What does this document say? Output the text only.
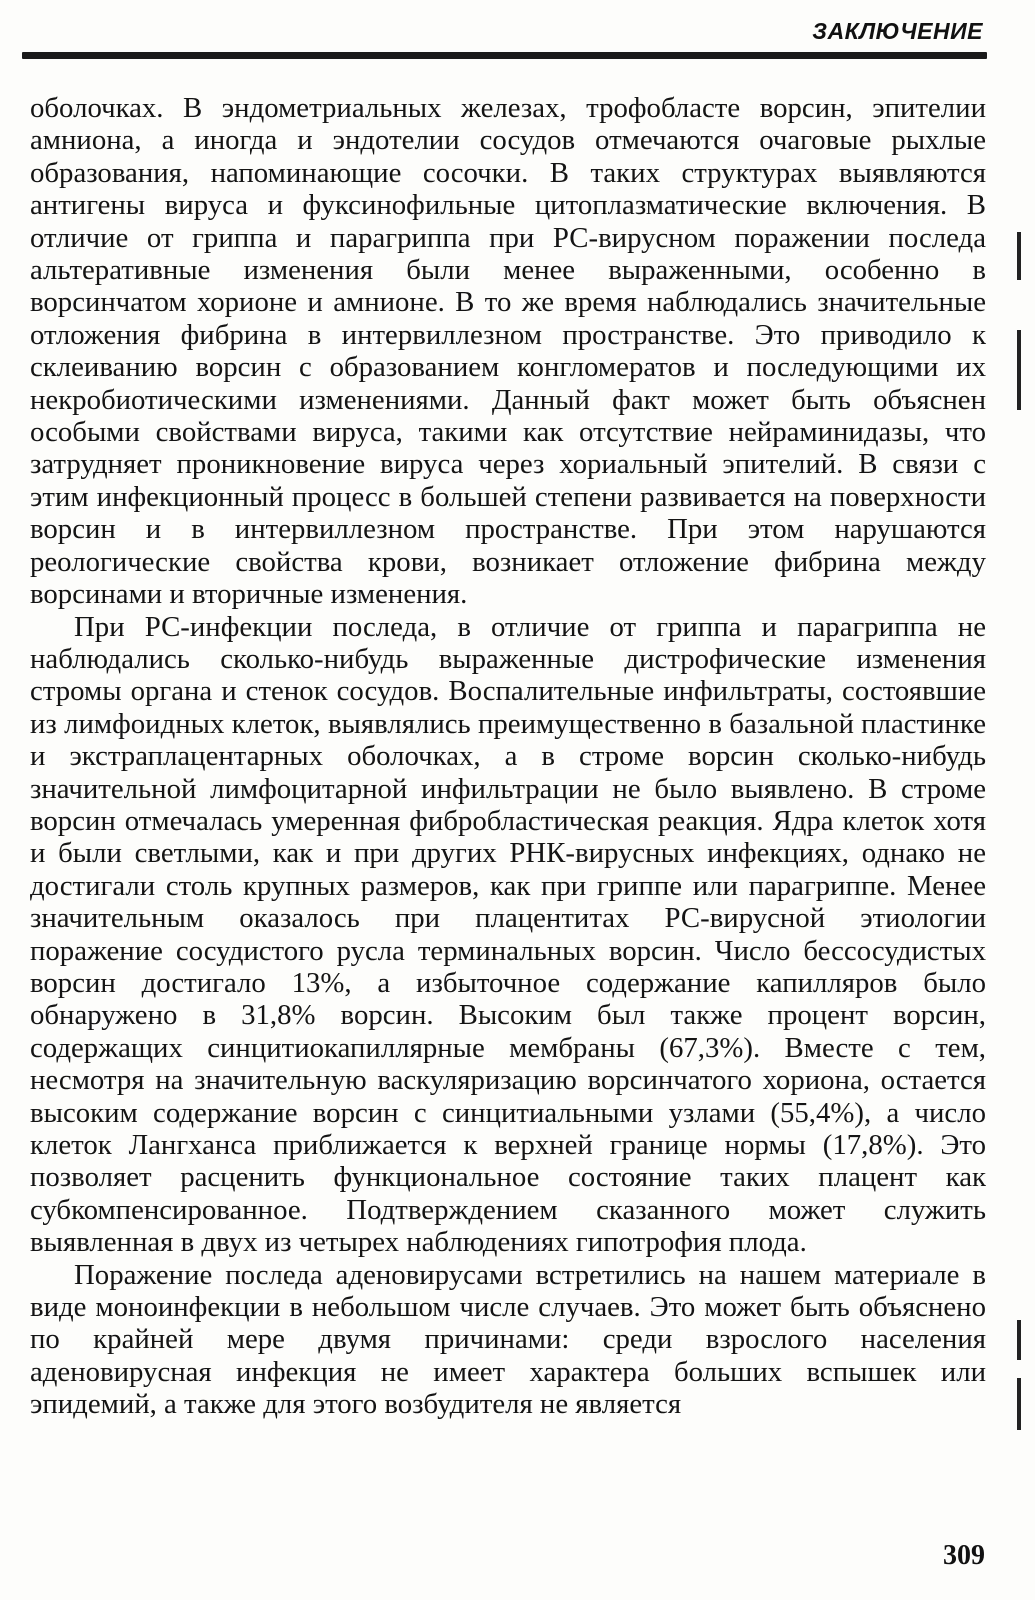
ЗАКЛЮЧЕНИЕ

оболочках. В эндометриальных железах, трофобласте ворсин, эпителии амниона, а иногда и эндотелии сосудов отмечаются очаговые рыхлые образования, напоминающие сосочки. В таких структурах выявляются антигены вируса и фуксинофильные цитоплазматические включения. В отличие от гриппа и парагриппа при РС-вирусном поражении последа альтеративные изменения были менее выраженными, особенно в ворсинчатом хорионе и амнионе. В то же время наблюдались значительные отложения фибрина в интервиллезном пространстве. Это приводило к склеиванию ворсин с образованием конгломератов и последующими их некробиотическими изменениями. Данный факт может быть объяснен особыми свойствами вируса, такими как отсутствие нейраминидазы, что затрудняет проникновение вируса через хориальный эпителий. В связи с этим инфекционный процесс в большей степени развивается на поверхности ворсин и в интервиллезном пространстве. При этом нарушаются реологические свойства крови, возникает отложение фибрина между ворсинами и вторичные изменения.

При РС-инфекции последа, в отличие от гриппа и парагриппа не наблюдались сколько-нибудь выраженные дистрофические изменения стромы органа и стенок сосудов. Воспалительные инфильтраты, состоявшие из лимфоидных клеток, выявлялись преимущественно в базальной пластинке и экстраплацентарных оболочках, а в строме ворсин сколько-нибудь значительной лимфоцитарной инфильтрации не было выявлено. В строме ворсин отмечалась умеренная фибробластическая реакция. Ядра клеток хотя и были светлыми, как и при других РНК-вирусных инфекциях, однако не достигали столь крупных размеров, как при гриппе или парагриппе. Менее значительным оказалось при плацентитах РС-вирусной этиологии поражение сосудистого русла терминальных ворсин. Число бессосудистых ворсин достигало 13%, а избыточное содержание капилляров было обнаружено в 31,8% ворсин. Высоким был также процент ворсин, содержащих синцитиокапиллярные мембраны (67,3%). Вместе с тем, несмотря на значительную васкуляризацию ворсинчатого хориона, остается высоким содержание ворсин с синцитиальными узлами (55,4%), а число клеток Лангханса приближается к верхней границе нормы (17,8%). Это позволяет расценить функциональное состояние таких плацент как субкомпенсированное. Подтверждением сказанного может служить выявленная в двух из четырех наблюдениях гипотрофия плода.

Поражение последа аденовирусами встретились на нашем материале в виде моноинфекции в небольшом числе случаев. Это может быть объяснено по крайней мере двумя причинами: среди взрослого населения аденовирусная инфекция не имеет характера больших вспышек или эпидемий, а также для этого возбудителя не является

309
